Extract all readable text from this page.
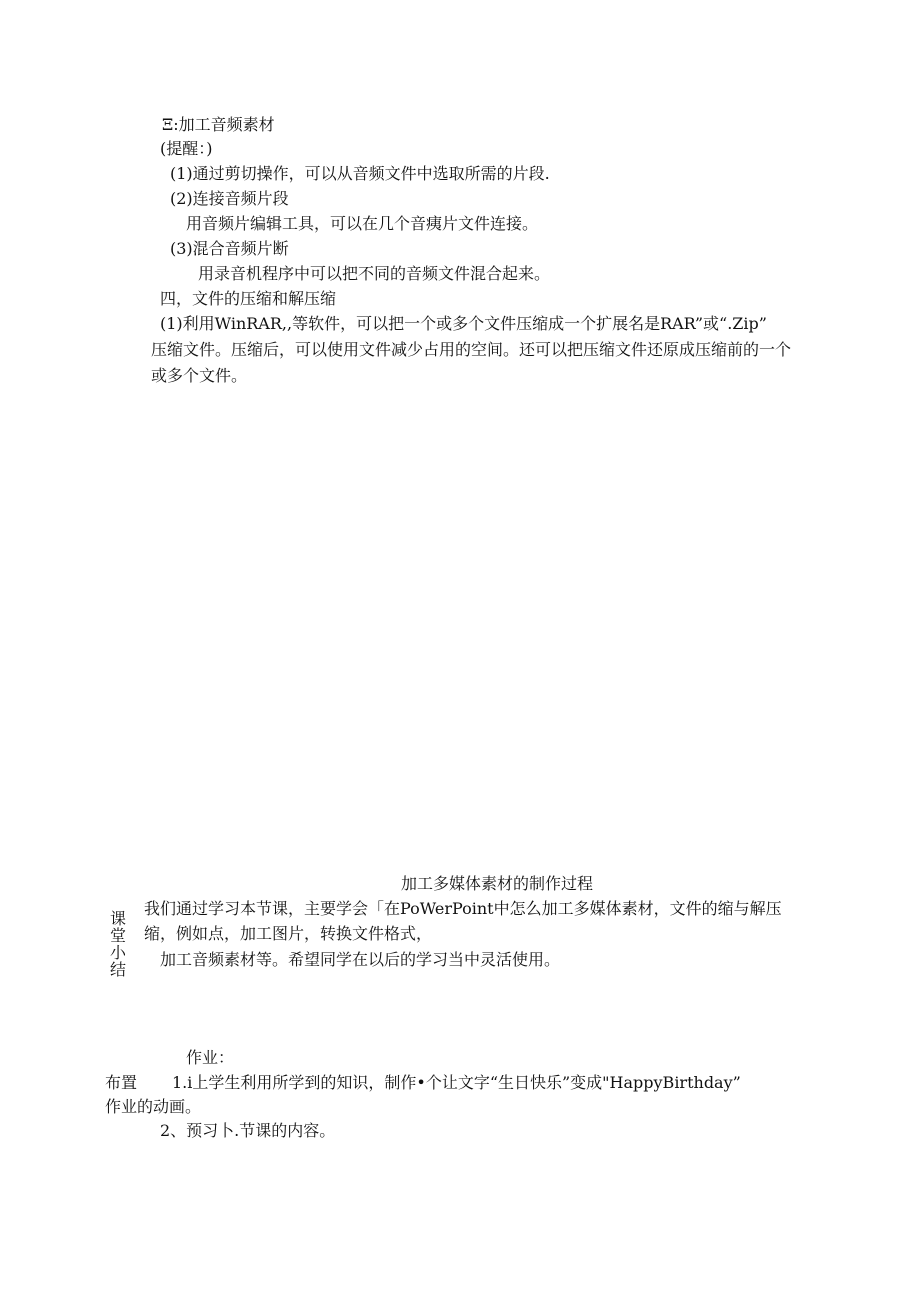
Ξ:加工音频素材
(提醒：)
(1)通过剪切操作，可以从音频文件中选取所需的片段.
(2)连接音频片段
用音频片编辑工具，可以在几个音痍片文件连接。
(3)混合音频片断
用录音机程序中可以把不同的音频文件混合起来。
四，文件的压缩和解压缩
(1)利用WinRAR,,等软件，可以把一个或多个文件压缩成一个扩展名是RAR”或“.Zip”
压缩文件。压缩后，可以使用文件减少占用的空间。还可以把压缩文件还原成压缩前的一个
或多个文件。
加工多媒体素材的制作过程
课
堂
小
结
我们通过学习本节课，主要学会「在PoWerPoint中怎么加工多媒体素材，文件的缩与解压
缩，例如点，加工图片，转换文件格式，
加工音频素材等。希望同学在以后的学习当中灵活使用。
作业：
布置 1.i上学生利用所学到的知识，制作•个让文字“生日快乐”变成"HappyBirthday”
作业 的动画。
2、预习卜.节课的内容。
